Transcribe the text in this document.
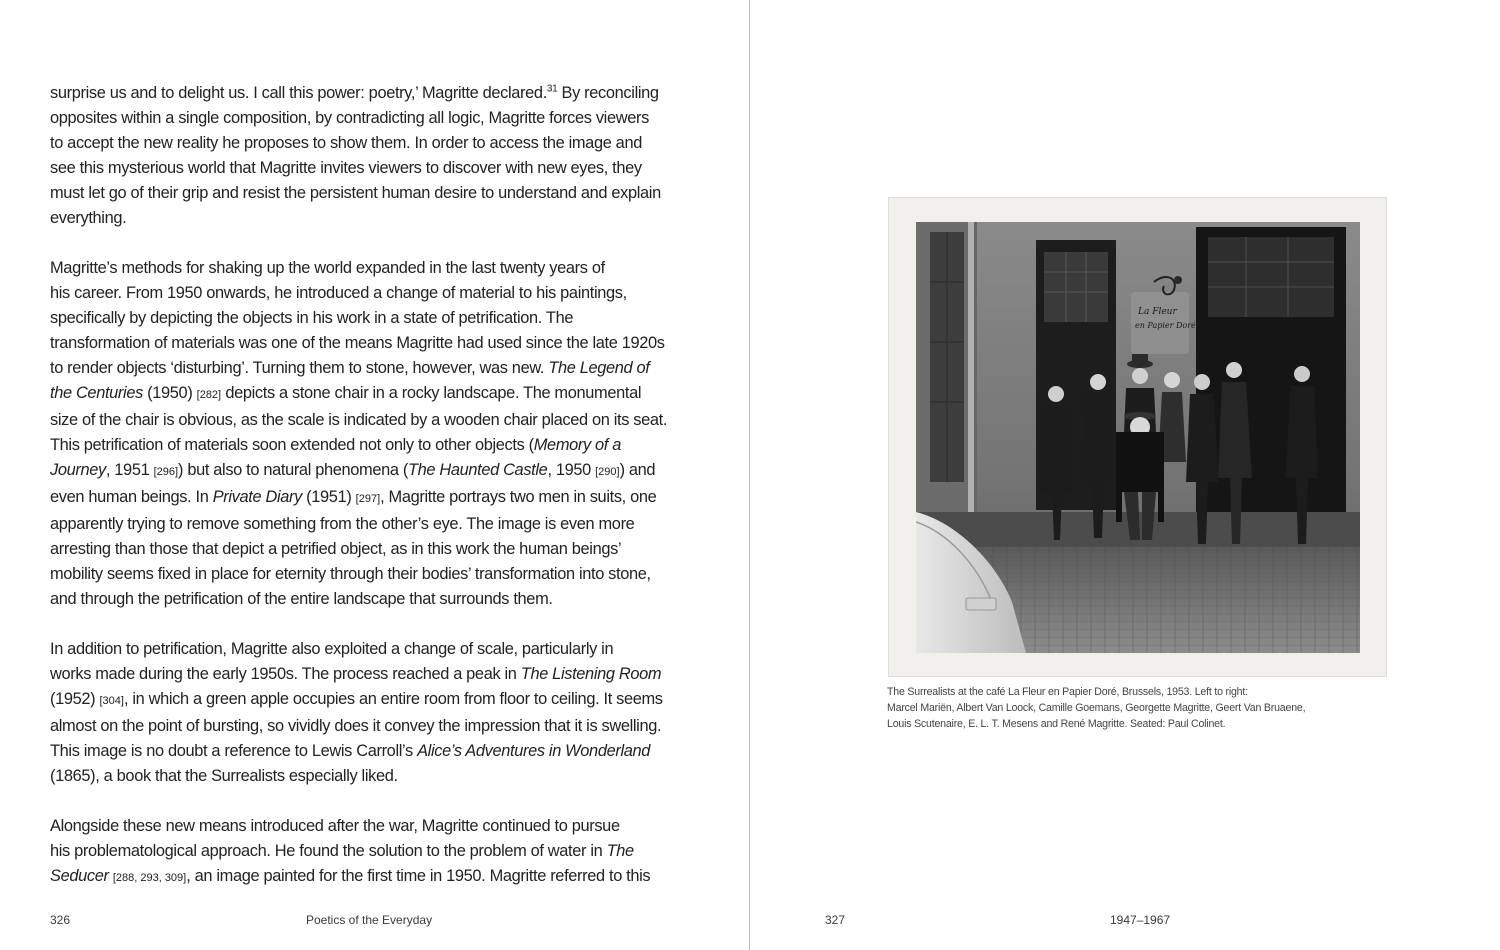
surprise us and to delight us. I call this power: poetry,’ Magritte declared.$^{31}$ By reconciling
opposites within a single composition, by contradicting all logic, Magritte forces viewers
to accept the new reality he proposes to show them. In order to access the image and
see this mysterious world that Magritte invites viewers to discover with new eyes, they
must let go of their grip and resist the persistent human desire to understand and explain
everything.

Magritte’s methods for shaking up the world expanded in the last twenty years of
his career. From 1950 onwards, he introduced a change of material to his paintings,
specifically by depicting the objects in his work in a state of petrification. The
transformation of materials was one of the means Magritte had used since the late 1920s
to render objects ‘disturbing’. Turning them to stone, however, was new. The Legend of
the Centuries (1950) [282] depicts a stone chair in a rocky landscape. The monumental
size of the chair is obvious, as the scale is indicated by a wooden chair placed on its seat.
This petrification of materials soon extended not only to other objects (Memory of a
Journey, 1951 [296]) but also to natural phenomena (The Haunted Castle, 1950 [290]) and
even human beings. In Private Diary (1951) [297], Magritte portrays two men in suits, one
apparently trying to remove something from the other’s eye. The image is even more
arresting than those that depict a petrified object, as in this work the human beings’
mobility seems fixed in place for eternity through their bodies’ transformation into stone,
and through the petrification of the entire landscape that surrounds them.

In addition to petrification, Magritte also exploited a change of scale, particularly in
works made during the early 1950s. The process reached a peak in The Listening Room
(1952) [304], in which a green apple occupies an entire room from floor to ceiling. It seems
almost on the point of bursting, so vividly does it convey the impression that it is swelling.
This image is no doubt a reference to Lewis Carroll’s Alice’s Adventures in Wonderland
(1865), a book that the Surrealists especially liked.

Alongside these new means introduced after the war, Magritte continued to pursue
his problematological approach. He found the solution to the problem of water in The
Seducer [288, 293, 309], an image painted for the first time in 1950. Magritte referred to this

326	Poetics of the Everyday
La Fleur
en Papier Doré
The Surrealists at the café La Fleur en Papier Doré, Brussels, 1953. Left to right:
Marcel Mariën, Albert Van Loock, Camille Goemans, Georgette Magritte, Geert Van Bruaene,
Louis Scutenaire, E. L. T. Mesens and René Magritte. Seated: Paul Colinet.
327	1947–1967
